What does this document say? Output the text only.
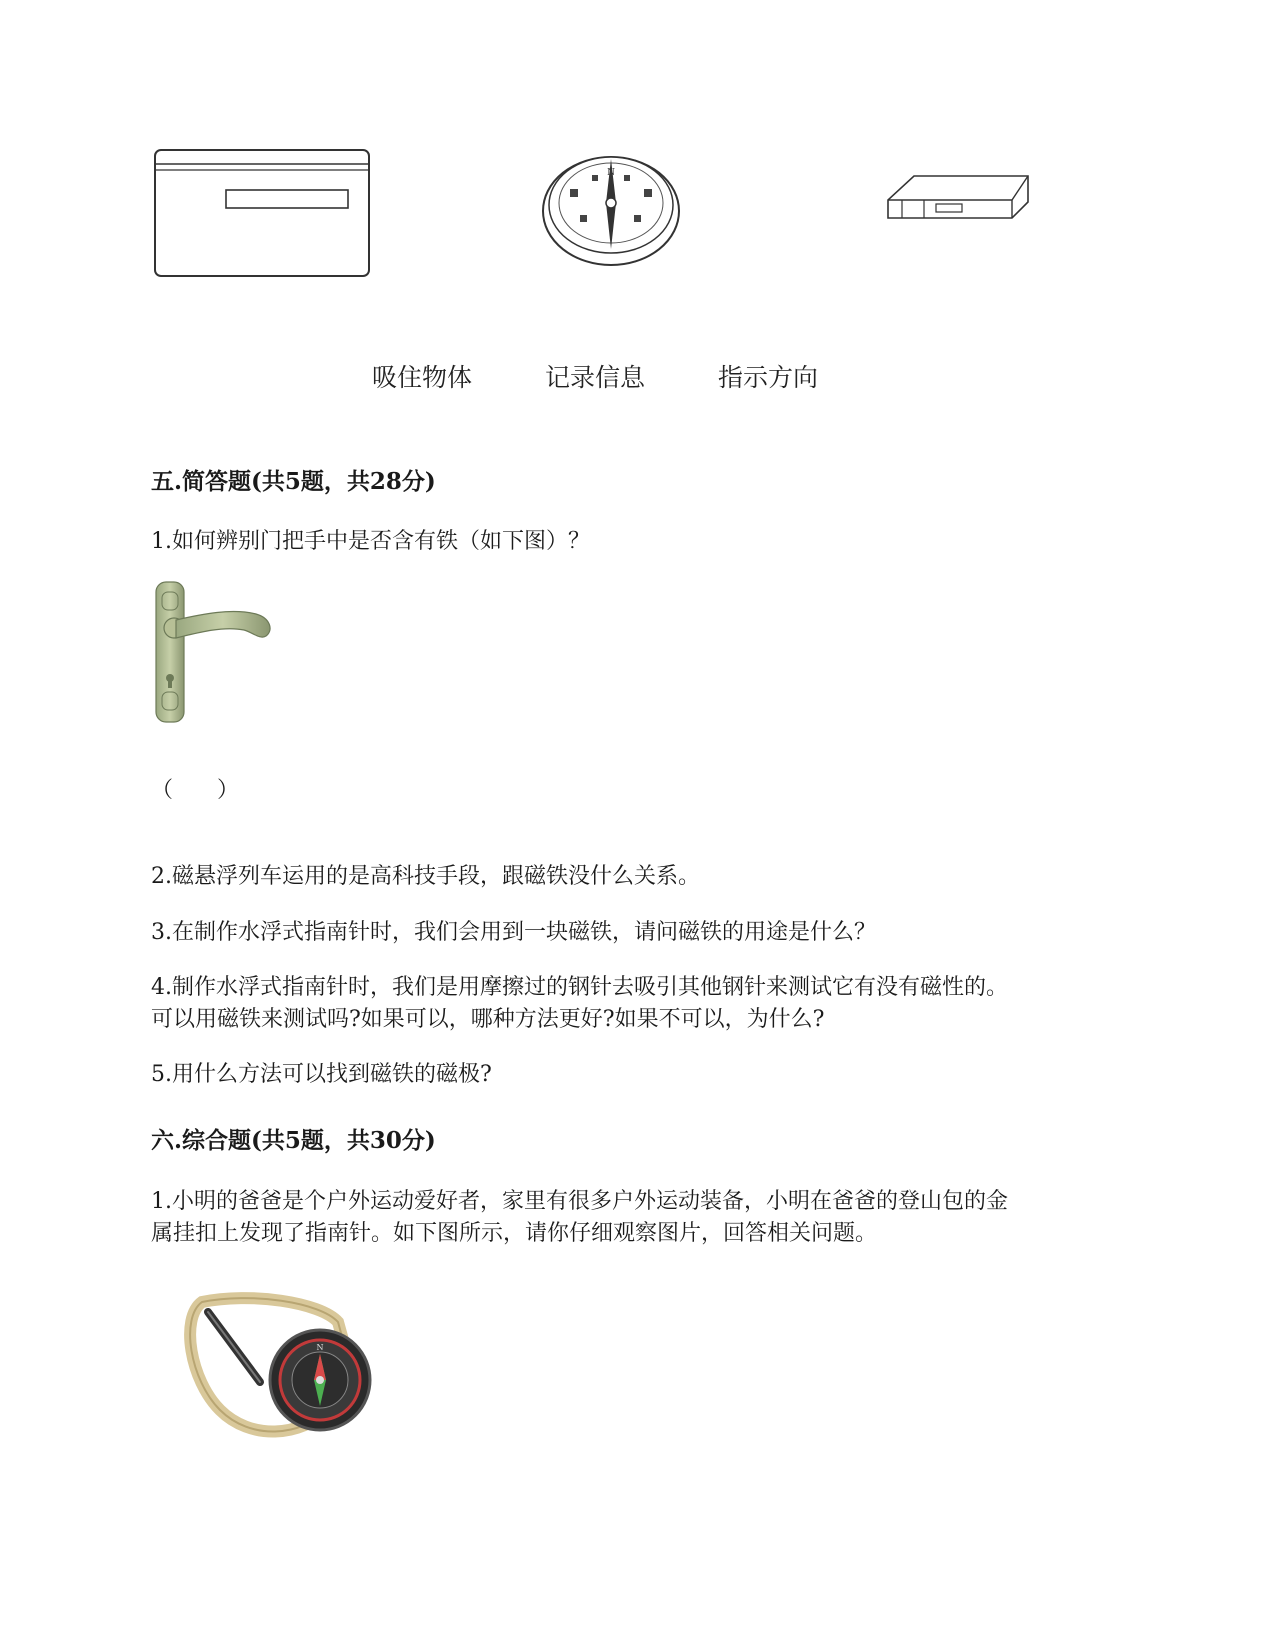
N
吸住物体	记录信息	指示方向
五.简答题(共5题，共28分)
1.如何辨别门把手中是否含有铁（如下图）？
（　　）
2.磁悬浮列车运用的是高科技手段，跟磁铁没什么关系。
3.在制作水浮式指南针时，我们会用到一块磁铁，请问磁铁的用途是什么？
4.制作水浮式指南针时，我们是用摩擦过的钢针去吸引其他钢针来测试它有没有磁性的。
可以用磁铁来测试吗?如果可以，哪种方法更好?如果不可以，为什么?
5.用什么方法可以找到磁铁的磁极?
六.综合题(共5题，共30分)
1.小明的爸爸是个户外运动爱好者，家里有很多户外运动装备，小明在爸爸的登山包的金
属挂扣上发现了指南针。如下图所示，请你仔细观察图片，回答相关问题。
N
